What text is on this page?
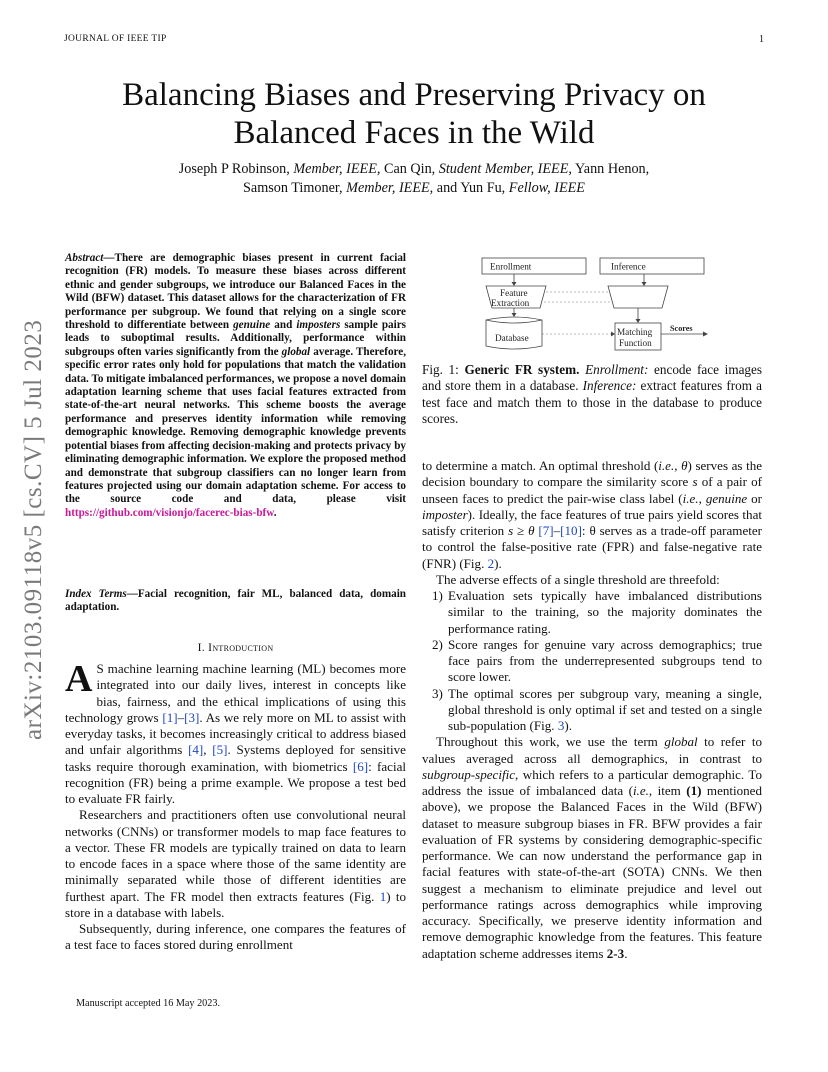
JOURNAL OF IEEE TIP	1
arXiv:2103.09118v5 [cs.CV] 5 Jul 2023
Balancing Biases and Preserving Privacy on
Balanced Faces in the Wild
Joseph P Robinson, Member, IEEE, Can Qin, Student Member, IEEE, Yann Henon,
Samson Timoner, Member, IEEE, and Yun Fu, Fellow, IEEE
Abstract—There are demographic biases present in current facial recognition (FR) models. To measure these biases across different ethnic and gender subgroups, we introduce our Balanced Faces in the Wild (BFW) dataset. This dataset allows for the characterization of FR performance per subgroup. We found that relying on a single score threshold to differentiate between genuine and imposters sample pairs leads to suboptimal results. Additionally, performance within subgroups often varies significantly from the global average. Therefore, specific error rates only hold for populations that match the validation data. To mitigate imbalanced performances, we propose a novel domain adaptation learning scheme that uses facial features extracted from state-of-the-art neural networks. This scheme boosts the average performance and preserves identity information while removing demographic knowledge. Removing demographic knowledge prevents potential biases from affecting decision-making and protects privacy by eliminating demographic information. We explore the proposed method and demonstrate that subgroup classifiers can no longer learn from features projected using our domain adaptation scheme. For access to the source code and data, please visit https://github.com/visionjo/facerec-bias-bfw.
Index Terms—Facial recognition, fair ML, balanced data, domain adaptation.
I. Introduction

A S machine learning machine learning (ML) becomes more integrated into our daily lives, interest in concepts like bias, fairness, and the ethical implications of using this technology grows [1]–[3]. As we rely more on ML to assist with everyday tasks, it becomes increasingly critical to address biased and unfair algorithms [4], [5]. Systems deployed for sensitive tasks require thorough examination, with biometrics [6]: facial recognition (FR) being a prime example. We propose a test bed to evaluate FR fairly.

Researchers and practitioners often use convolutional neural networks (CNNs) or transformer models to map face features to a vector. These FR models are typically trained on data to learn to encode faces in a space where those of the same identity are minimally separated while those of different identities are furthest apart. The FR model then extracts features (Fig. 1) to store in a database with labels.

Subsequently, during inference, one compares the features of a test face to faces stored during enrollment

Manuscript accepted 16 May 2023.
Enrollment	Inference
Feature
Extraction
Database
Matching
Function
Scores
Fig. 1: Generic FR system. Enrollment: encode face images and store them in a database. Inference: extract features from a test face and match them to those in the database to produce scores.

to determine a match. An optimal threshold (i.e., θ) serves as the decision boundary to compare the similarity score s of a pair of unseen faces to predict the pair-wise class label (i.e., genuine or imposter). Ideally, the face features of true pairs yield scores that satisfy criterion s ≥ θ [7]–[10]: θ serves as a trade-off parameter to control the false-positive rate (FPR) and false-negative rate (FNR) (Fig. 2).

The adverse effects of a single threshold are threefold:

1) Evaluation sets typically have imbalanced distributions similar to the training, so the majority dominates the performance rating.
2) Score ranges for genuine vary across demographics; true face pairs from the underrepresented subgroups tend to score lower.
3) The optimal scores per subgroup vary, meaning a single, global threshold is only optimal if set and tested on a single sub-population (Fig. 3).

Throughout this work, we use the term global to refer to values averaged across all demographics, in contrast to subgroup-specific, which refers to a particular demographic. To address the issue of imbalanced data (i.e., item (1) mentioned above), we propose the Balanced Faces in the Wild (BFW) dataset to measure subgroup biases in FR. BFW provides a fair evaluation of FR systems by considering demographic-specific performance. We can now understand the performance gap in facial features with state-of-the-art (SOTA) CNNs. We then suggest a mechanism to eliminate prejudice and level out performance ratings across demographics while improving accuracy. Specifically, we preserve identity information and remove demographic knowledge from the features. This feature adaptation scheme addresses items 2-3.
